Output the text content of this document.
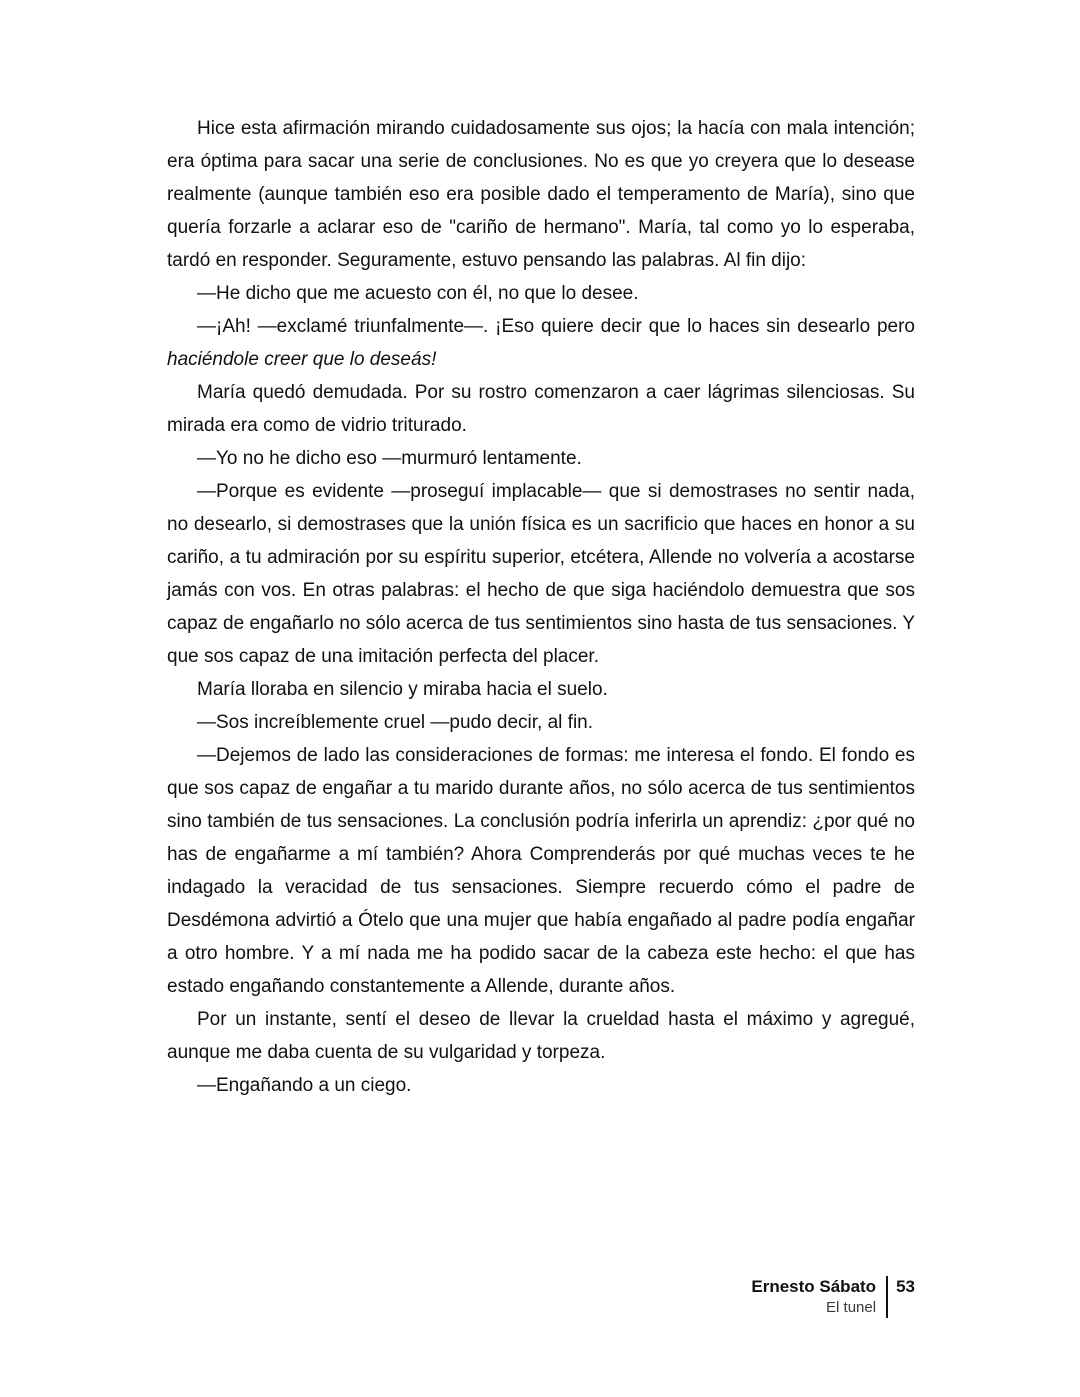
Hice esta afirmación mirando cuidadosamente sus ojos; la hacía con mala intención; era óptima para sacar una serie de conclusiones. No es que yo creyera que lo desease realmente (aunque también eso era posible dado el temperamento de María), sino que quería forzarle a aclarar eso de "cariño de hermano". María, tal como yo lo esperaba, tardó en responder. Seguramente, estuvo pensando las palabras. Al fin dijo:

—He dicho que me acuesto con él, no que lo desee.

—¡Ah! —exclamé triunfalmente—. ¡Eso quiere decir que lo haces sin desearlo pero haciéndole creer que lo deseás!

María quedó demudada. Por su rostro comenzaron a caer lágrimas silenciosas. Su mirada era como de vidrio triturado.

—Yo no he dicho eso —murmuró lentamente.

—Porque es evidente —proseguí implacable— que si demostrases no sentir nada, no desearlo, si demostrases que la unión física es un sacrificio que haces en honor a su cariño, a tu admiración por su espíritu superior, etcétera, Allende no volvería a acostarse jamás con vos. En otras palabras: el hecho de que siga haciéndolo demuestra que sos capaz de engañarlo no sólo acerca de tus sentimientos sino hasta de tus sensaciones. Y que sos capaz de una imitación perfecta del placer.

María lloraba en silencio y miraba hacia el suelo.

—Sos increíblemente cruel —pudo decir, al fin.

—Dejemos de lado las consideraciones de formas: me interesa el fondo. El fondo es que sos capaz de engañar a tu marido durante años, no sólo acerca de tus sentimientos sino también de tus sensaciones. La conclusión podría inferirla un aprendiz: ¿por qué no has de engañarme a mí también? Ahora Comprenderás por qué muchas veces te he indagado la veracidad de tus sensaciones. Siempre recuerdo cómo el padre de Desdémona advirtió a Ótelo que una mujer que había engañado al padre podía engañar a otro hombre. Y a mí nada me ha podido sacar de la cabeza este hecho: el que has estado engañando constantemente a Allende, durante años.

Por un instante, sentí el deseo de llevar la crueldad hasta el máximo y agregué, aunque me daba cuenta de su vulgaridad y torpeza.

—Engañando a un ciego.

Ernesto Sábato
El tunel
53
